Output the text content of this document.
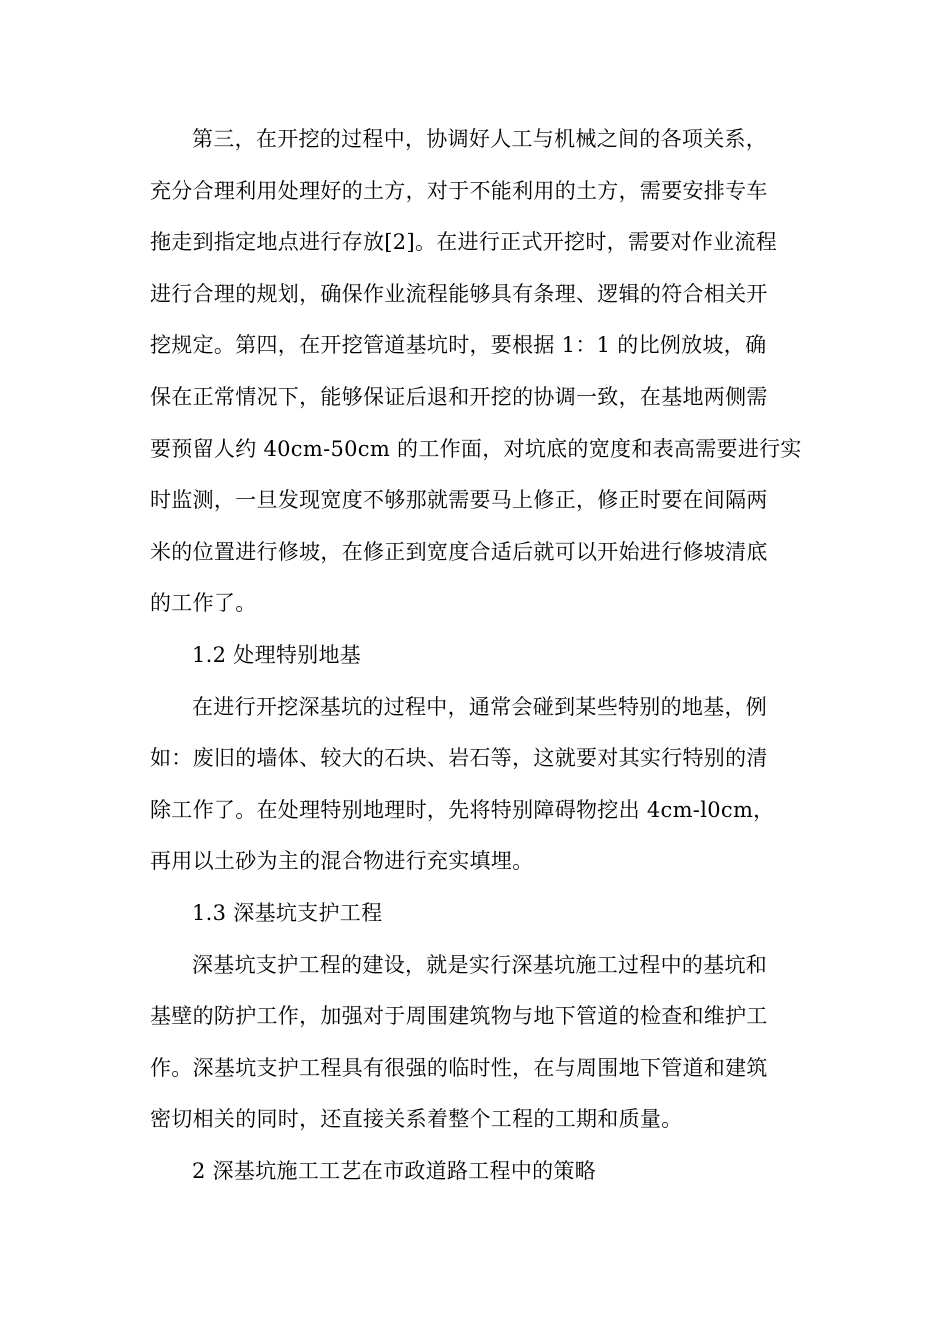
第三，在开挖的过程中，协调好人工与机械之间的各项关系，
充分合理利用处理好的土方，对于不能利用的土方，需要安排专车
拖走到指定地点进行存放[2]。在进行正式开挖时，需要对作业流程
进行合理的规划，确保作业流程能够具有条理、逻辑的符合相关开
挖规定。第四，在开挖管道基坑时，要根据 1：1 的比例放坡，确
保在正常情况下，能够保证后退和开挖的协调一致，在基地两侧需
要预留人约 40cm-50cm 的工作面，对坑底的宽度和表高需要进行实
时监测，一旦发现宽度不够那就需要马上修正，修正时要在间隔两
米的位置进行修坡，在修正到宽度合适后就可以开始进行修坡清底
的工作了。
1.2 处理特别地基
在进行开挖深基坑的过程中，通常会碰到某些特别的地基，例
如：废旧的墙体、较大的石块、岩石等，这就要对其实行特别的清
除工作了。在处理特别地理时，先将特别障碍物挖出 4cm-l0cm，
再用以土砂为主的混合物进行充实填埋。
1.3 深基坑支护工程
深基坑支护工程的建设，就是实行深基坑施工过程中的基坑和
基壁的防护工作，加强对于周围建筑物与地下管道的检查和维护工
作。深基坑支护工程具有很强的临时性，在与周围地下管道和建筑
密切相关的同时，还直接关系着整个工程的工期和质量。
2 深基坑施工工艺在市政道路工程中的策略
